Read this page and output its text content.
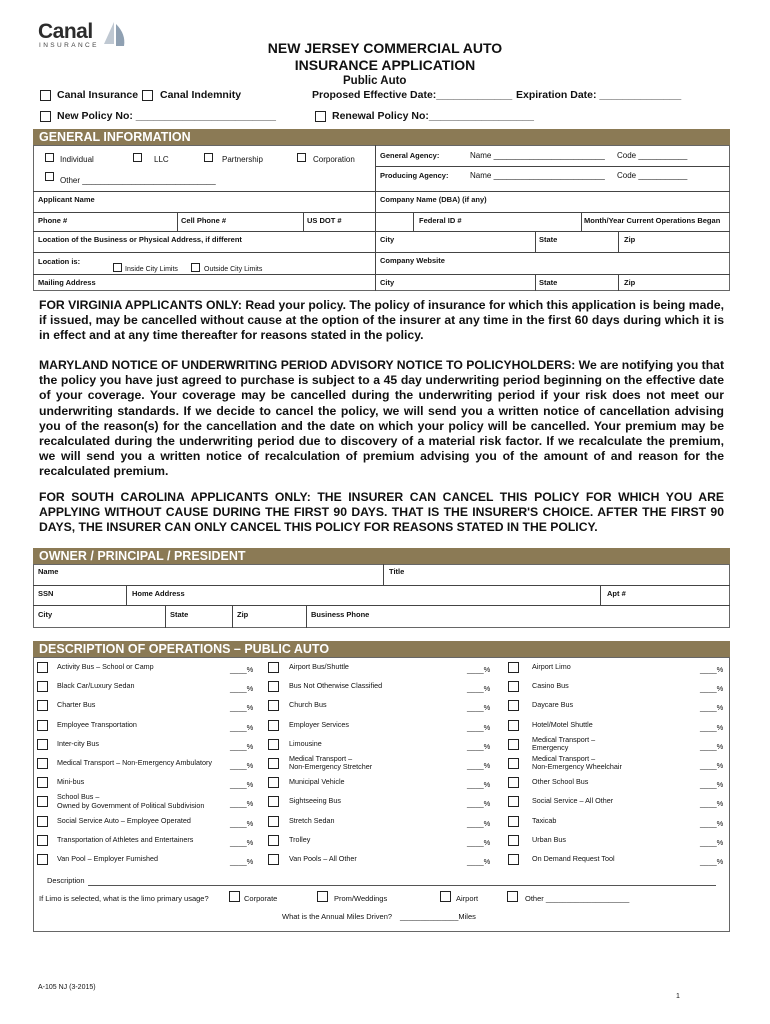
Canal
INSURANCE	NEW JERSEY COMMERCIAL AUTO
INSURANCE APPLICATION
Public Auto
Canal Insurance Canal Indemnity	Proposed Effective Date:_____________ Expiration Date: ______________
New Policy No: ________________________	Renewal Policy No:__________________
GENERAL INFORMATION
Individual	LLC	Partnership	Corporation
Other ______________________________
General Agency:	Name _________________________ Code ___________
Producing Agency:	Name _________________________ Code ___________
Applicant Name	Company Name (DBA) (if any)
Phone #	Cell Phone #	US DOT #	Federal ID #	Month/Year Current Operations Began
Location of the Business or Physical Address, if different	City	State	Zip
Location is:
Inside City Limits	Outside City Limits
Company Website
Mailing Address	City	State	Zip
FOR VIRGINIA APPLICANTS ONLY: Read your policy. The policy of insurance for which this application is being made, if issued, may be cancelled without cause at the option of the insurer at any time in the first 60 days during which it is in effect and at any time thereafter for reasons stated in the policy.
MARYLAND NOTICE OF UNDERWRITING PERIOD ADVISORY NOTICE TO POLICYHOLDERS: We are notifying you that the policy you have just agreed to purchase is subject to a 45 day underwriting period beginning on the effective date of your coverage. Your coverage may be cancelled during the underwriting period if your risk does not meet our underwriting standards. If we decide to cancel the policy, we will send you a written notice of cancellation advising you of the reason(s) for the cancellation and the date on which your policy will be cancelled. Your premium may be recalculated during the underwriting period due to discovery of a material risk factor. If we recalculate the premium, we will send you a written notice of recalculation of premium advising you of the amount of and reason for the recalculated premium.
FOR SOUTH CAROLINA APPLICANTS ONLY: THE INSURER CAN CANCEL THIS POLICY FOR WHICH YOU ARE APPLYING WITHOUT CAUSE DURING THE FIRST 90 DAYS. THAT IS THE INSURER'S CHOICE. AFTER THE FIRST 90 DAYS, THE INSURER CAN ONLY CANCEL THIS POLICY FOR REASONS STATED IN THE POLICY.
OWNER / PRINCIPAL / PRESIDENT
Name	Title
SSN	Home Address	Apt #
City	State	Zip	Business Phone
DESCRIPTION OF OPERATIONS – PUBLIC AUTO
Activity Bus – School or Camp	____%
Black Car/Luxury Sedan	____%
Charter Bus	____%
Employee Transportation	____%
Inter-city Bus	____%
Medical Transport – Non-Emergency Ambulatory ____%
Mini-bus	____%
School Bus –
Owned by Government of Political Subdivision	____%
Social Service Auto – Employee Operated	____%
Transportation of Athletes and Entertainers	____%
Van Pool – Employer Furnished	____%
Airport Bus/Shuttle	____%
Bus Not Otherwise Classified	____%
Church Bus	____%
Employer Services	____%
Limousine	____%
Medical Transport –
Non-Emergency Stretcher	____%
Municipal Vehicle	____%
Sightseeing Bus	____%
Stretch Sedan	____%
Trolley	____%
Van Pools – All Other	____%
Airport Limo	____%
Casino Bus	____%
Daycare Bus	____%
Hotel/Motel Shuttle	____%
Medical Transport –
Emergency	____%
Medical Transport –
Non-Emergency Wheelchair	____%
Other School Bus	____%
Social Service – All Other	____%
Taxicab	____%
Urban Bus	____%
On Demand Request Tool	____%
Description
If Limo is selected, what is the limo primary usage?	Corporate	Prom/Weddings	Airport	Other ____________________
What is the Annual Miles Driven? ______________Miles
A-105 NJ (3-2015)
1
